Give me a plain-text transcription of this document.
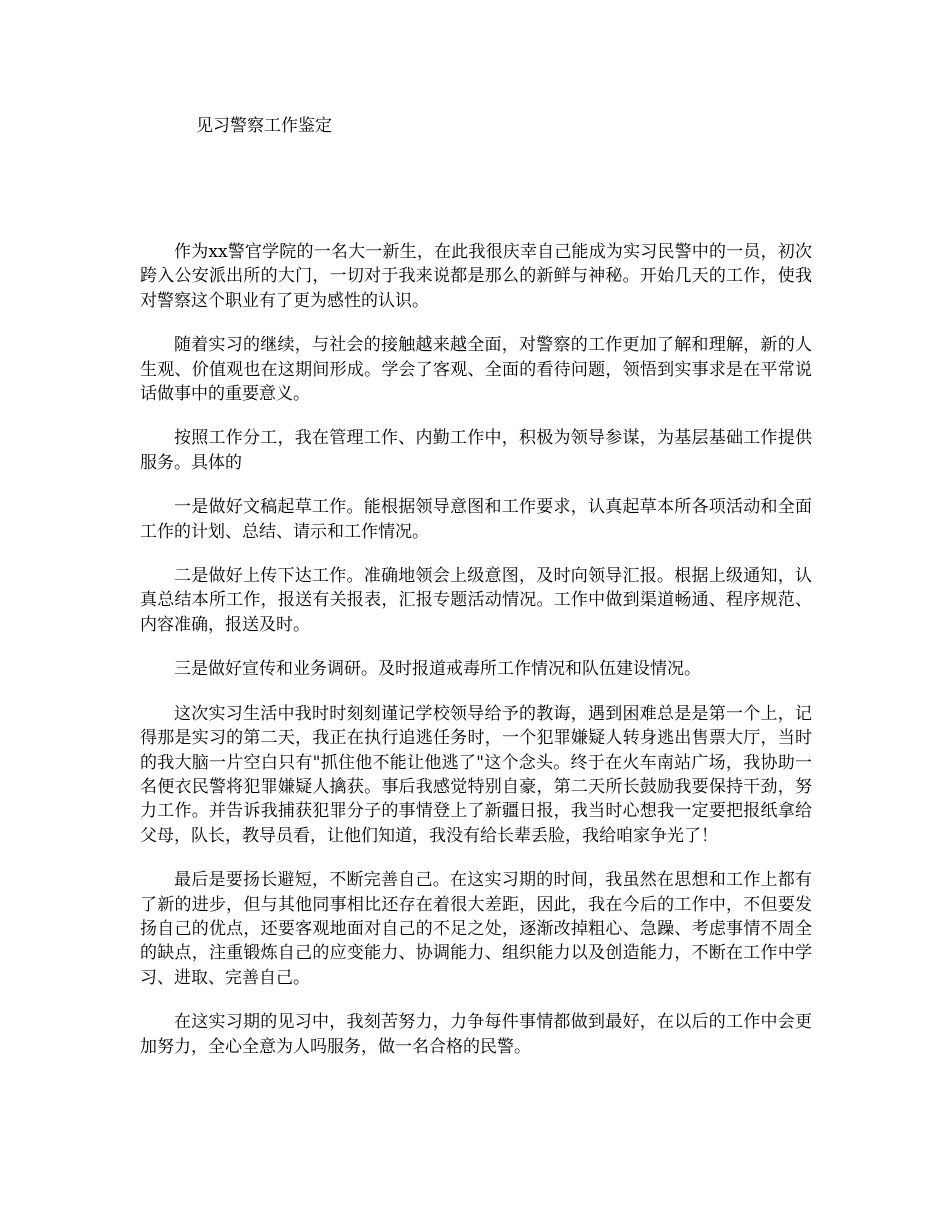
见习警察工作鉴定

作为xx警官学院的一名大一新生，在此我很庆幸自己能成为实习民警中的一员，初次跨入公安派出所的大门，一切对于我来说都是那么的新鲜与神秘。开始几天的工作，使我对警察这个职业有了更为感性的认识。

随着实习的继续，与社会的接触越来越全面，对警察的工作更加了解和理解，新的人生观、价值观也在这期间形成。学会了客观、全面的看待问题，领悟到实事求是在平常说话做事中的重要意义。

按照工作分工，我在管理工作、内勤工作中，积极为领导参谋，为基层基础工作提供服务。具体的

一是做好文稿起草工作。能根据领导意图和工作要求，认真起草本所各项活动和全面工作的计划、总结、请示和工作情况。

二是做好上传下达工作。准确地领会上级意图，及时向领导汇报。根据上级通知，认真总结本所工作，报送有关报表，汇报专题活动情况。工作中做到渠道畅通、程序规范、内容准确，报送及时。

三是做好宣传和业务调研。及时报道戒毒所工作情况和队伍建设情况。

这次实习生活中我时时刻刻谨记学校领导给予的教诲，遇到困难总是是第一个上，记得那是实习的第二天，我正在执行追逃任务时，一个犯罪嫌疑人转身逃出售票大厅，当时的我大脑一片空白只有"抓住他不能让他逃了"这个念头。终于在火车南站广场，我协助一名便衣民警将犯罪嫌疑人擒获。事后我感觉特别自豪，第二天所长鼓励我要保持干劲，努力工作。并告诉我捕获犯罪分子的事情登上了新疆日报，我当时心想我一定要把报纸拿给父母，队长，教导员看，让他们知道，我没有给长辈丢脸，我给咱家争光了！

最后是要扬长避短，不断完善自己。在这实习期的时间，我虽然在思想和工作上都有了新的进步，但与其他同事相比还存在着很大差距，因此，我在今后的工作中，不但要发扬自己的优点，还要客观地面对自己的不足之处，逐渐改掉粗心、急躁、考虑事情不周全的缺点，注重锻炼自己的应变能力、协调能力、组织能力以及创造能力，不断在工作中学习、进取、完善自己。

在这实习期的见习中，我刻苦努力，力争每件事情都做到最好，在以后的工作中会更加努力，全心全意为人吗服务，做一名合格的民警。
